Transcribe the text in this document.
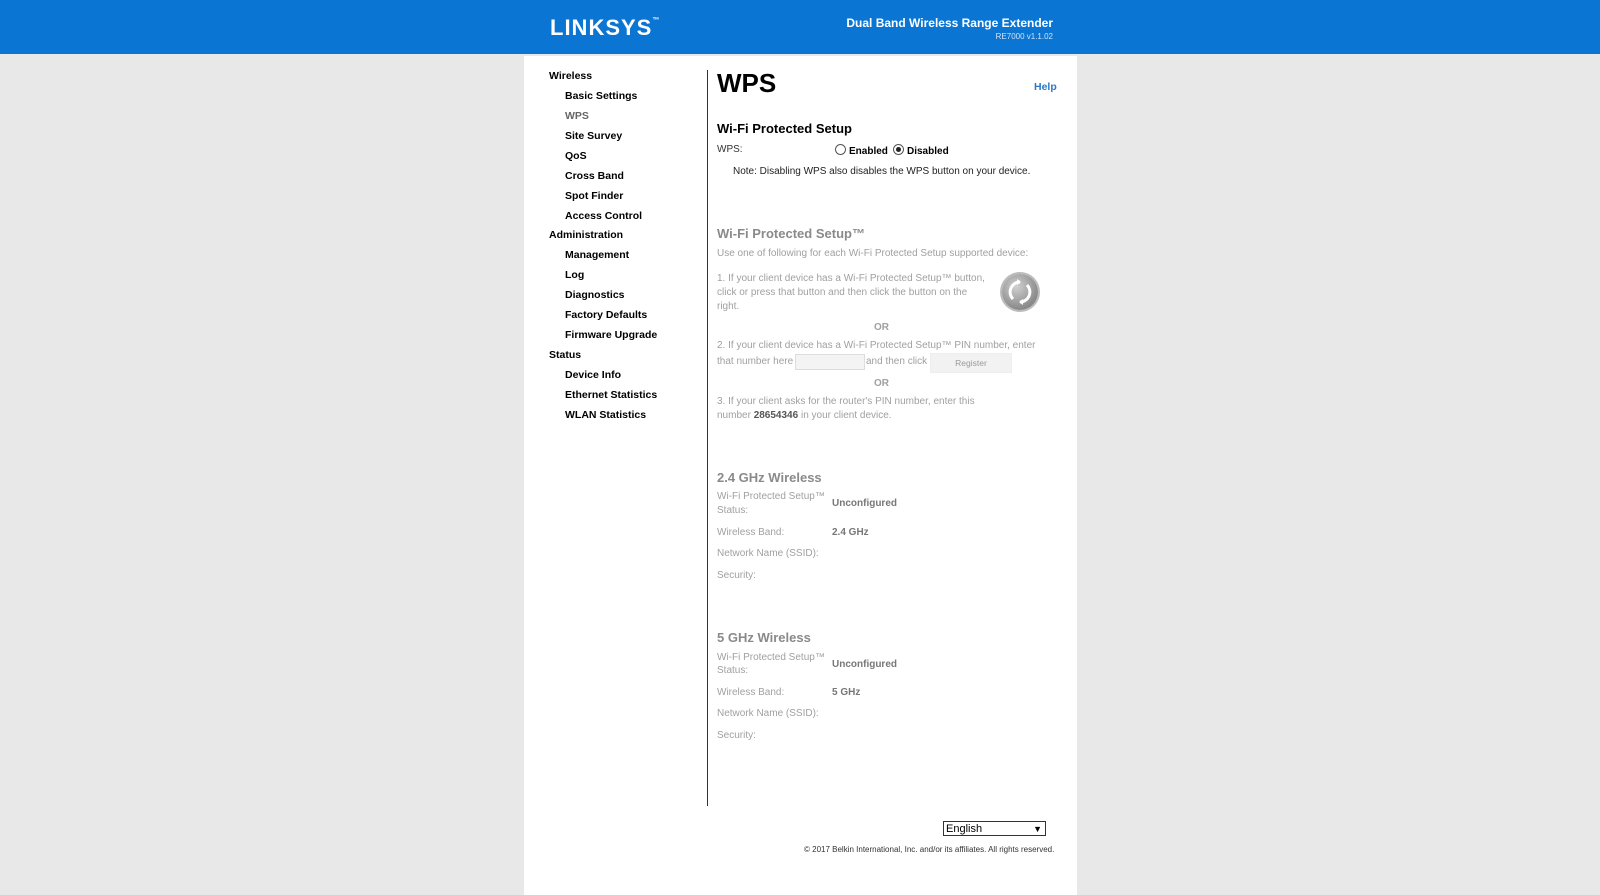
LINKSYS™	Dual Band Wireless Range Extender
RE7000 v1.1.02
Wireless
Basic Settings
WPS
Site Survey
QoS
Cross Band
Spot Finder
Access Control
Administration
Management
Log
Diagnostics
Factory Defaults
Firmware Upgrade
Status
Device Info
Ethernet Statistics
WLAN Statistics
WPS	Help
Wi-Fi Protected Setup
WPS:	Enabled	Disabled
Note: Disabling WPS also disables the WPS button on your device.
Wi-Fi Protected Setup™
Use one of following for each Wi-Fi Protected Setup supported device:
1. If your client device has a Wi-Fi Protected Setup™ button,
click or press that button and then click the button on the
right.
OR
2. If your client device has a Wi-Fi Protected Setup™ PIN number, enter
that number here	and then click	Register
OR
3. If your client asks for the router's PIN number, enter this
number 28654346 in your client device.
2.4 GHz Wireless
Wi-Fi Protected Setup™
Status:
Unconfigured
Wireless Band:	2.4 GHz
Network Name (SSID):
Security:
5 GHz Wireless
Wi-Fi Protected Setup™
Status:
Unconfigured
Wireless Band:	5 GHz
Network Name (SSID):
Security:
English	▼
© 2017 Belkin International, Inc. and/or its affiliates. All rights reserved.
